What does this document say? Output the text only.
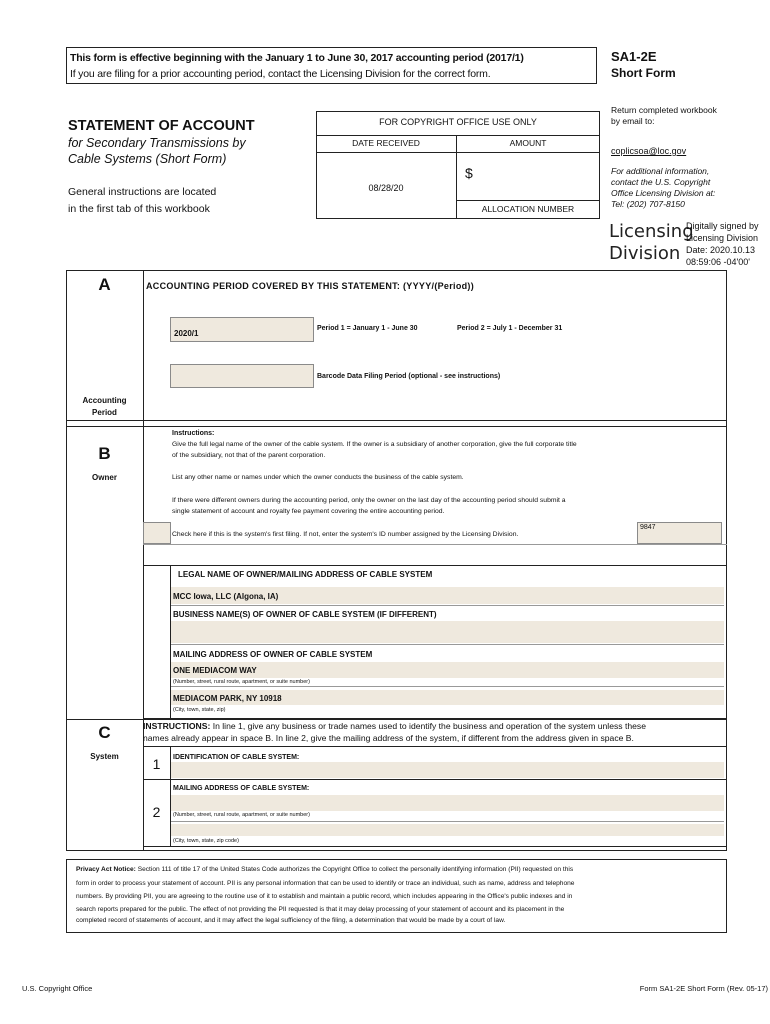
This form is effective beginning with the January 1 to June 30, 2017 accounting period (2017/1)
If you are filing for a prior accounting period, contact the Licensing Division for the correct form.
SA1-2E
Short Form
STATEMENT OF ACCOUNT
for Secondary Transmissions by
Cable Systems (Short Form)
General instructions are located
in the first tab of this workbook
FOR COPYRIGHT OFFICE USE ONLY
DATE RECEIVED	AMOUNT
08/28/20
$
ALLOCATION NUMBER
Return completed workbook
by email to:
coplicsoa@loc.gov
For additional information,
contact the U.S. Copyright
Office Licensing Division at:
Tel: (202) 707-8150
Licensing
Division
Digitally signed by
Licensing Division
Date: 2020.10.13
08:59:06 -04'00'
A
Accounting
Period
ACCOUNTING PERIOD COVERED BY THIS STATEMENT: (YYYY/(Period))
2020/1
Period 1 = January 1 - June 30	Period 2 = July 1 - December 31
Barcode Data Filing Period (optional - see instructions)
B
Owner
Instructions:
Give the full legal name of the owner of the cable system. If the owner is a subsidiary of another corporation, give the full corporate title
of the subsidiary, not that of the parent corporation.
List any other name or names under which the owner conducts the business of the cable system.
If there were different owners during the accounting period, only the owner on the last day of the accounting period should submit a
single statement of account and royalty fee payment covering the entire accounting period.
Check here if this is the system's first filing. If not, enter the system's ID number assigned by the Licensing Division.
9847
LEGAL NAME OF OWNER/MAILING ADDRESS OF CABLE SYSTEM
MCC Iowa, LLC (Algona, IA)
BUSINESS NAME(S) OF OWNER OF CABLE SYSTEM (IF DIFFERENT)
MAILING ADDRESS OF OWNER OF CABLE SYSTEM
ONE MEDIACOM WAY
(Number, street, rural route, apartment, or suite number)
MEDIACOM PARK, NY 10918
(City, town, state, zip)
C
System
INSTRUCTIONS: In line 1, give any business or trade names used to identify the business and operation of the system unless these
names already appear in space B. In line 2, give the mailing address of the system, if different from the address given in space B.
1	IDENTIFICATION OF CABLE SYSTEM:
2
MAILING ADDRESS OF CABLE SYSTEM:
(Number, street, rural route, apartment, or suite number)
(City, town, state, zip code)
Privacy Act Notice: Section 111 of title 17 of the United States Code authorizes the Copyright Office to collect the personally identifying information (PII) requested on this
form in order to process your statement of account. PII is any personal information that can be used to identify or trace an individual, such as name, address and telephone
numbers. By providing PII, you are agreeing to the routine use of it to establish and maintain a public record, which includes appearing in the Office's public indexes and in
search reports prepared for the public. The effect of not providing the PII requested is that it may delay processing of your statement of account and its placement in the
completed record of statements of account, and it may affect the legal sufficiency of the filing, a determination that would be made by a court of law.
U.S. Copyright Office	Form SA1-2E Short Form (Rev. 05-17)
